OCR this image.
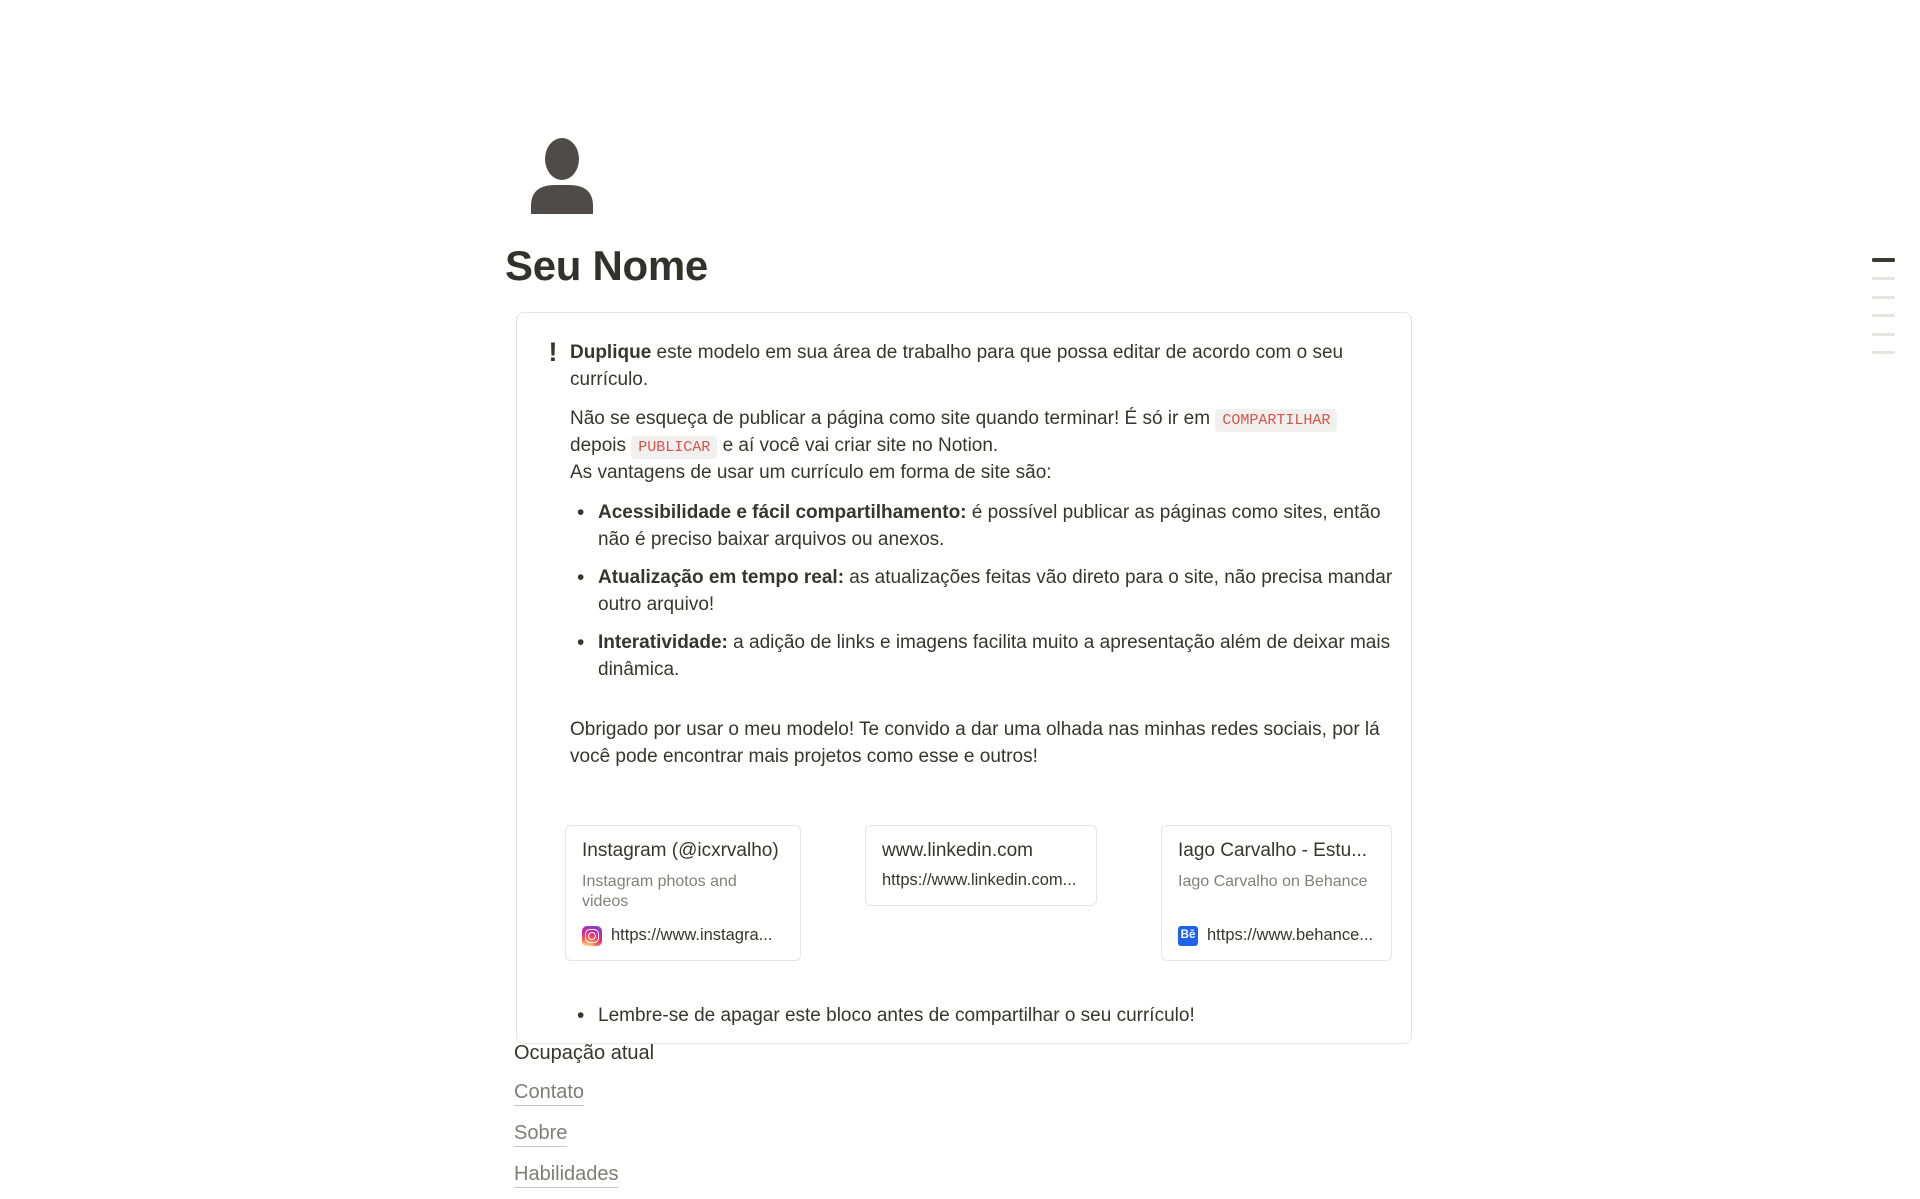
Seu Nome
! Duplique este modelo em sua área de trabalho para que possa editar de acordo com o seu currículo.

Não se esqueça de publicar a página como site quando terminar! É só ir em COMPARTILHAR
depois PUBLICAR e aí você vai criar site no Notion.
As vantagens de usar um currículo em forma de site são:

• Acessibilidade e fácil compartilhamento: é possível publicar as páginas como sites, então não é preciso baixar arquivos ou anexos.
• Atualização em tempo real: as atualizações feitas vão direto para o site, não precisa mandar outro arquivo!
• Interatividade: a adição de links e imagens facilita muito a apresentação além de deixar mais dinâmica.

Obrigado por usar o meu modelo! Te convido a dar uma olhada nas minhas redes sociais, por lá você pode encontrar mais projetos como esse e outros!

Instagram (@icxrvalho)
Instagram photos and videos
https://www.instagra...
www.linkedin.com
https://www.linkedin.com...
Iago Carvalho - Estu...
Iago Carvalho on Behance
Bē https://www.behance...
• Lembre-se de apagar este bloco antes de compartilhar o seu currículo!

Ocupação atual

Contato
Sobre
Habilidades
